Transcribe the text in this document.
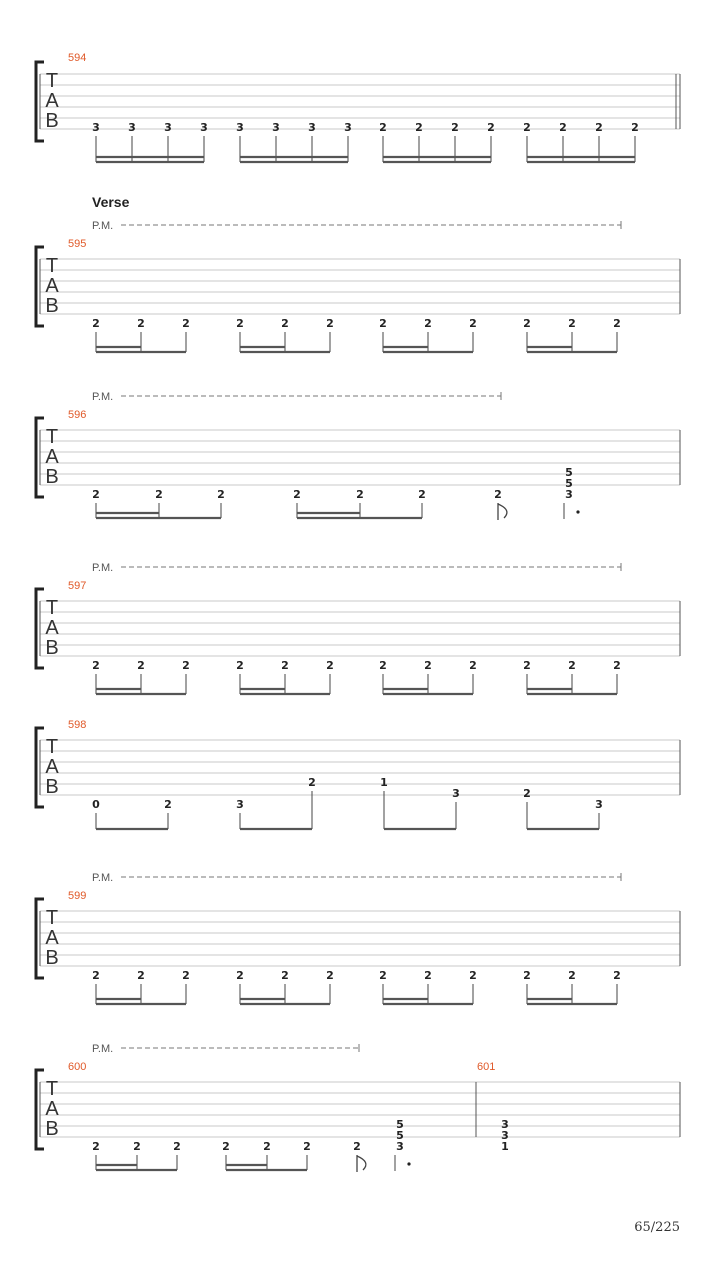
T
A
B
594
3	3	3	3	3	3	3	3 2	2	2	2	2	2	2	2
Verse
P.M.
T
A
B
595
2	2	2	2	2	2	2	2	2	2	2	2
P.M.
T
A
B
596
2	2	2	2	2	2	2
5
5
3
P.M.
T
A
B
597
2	2	2	2	2	2	2	2	2	2	2	2
T
A
B
598
0	2	3
2	1
3	2
3
P.M.
T
A
B
599
2	2	2	2	2	2	2	2	2	2	2	2
P.M.
T
A
B
600	601
2	2	2	2	2	2	2
5
5
3
3
3
1
65/225
